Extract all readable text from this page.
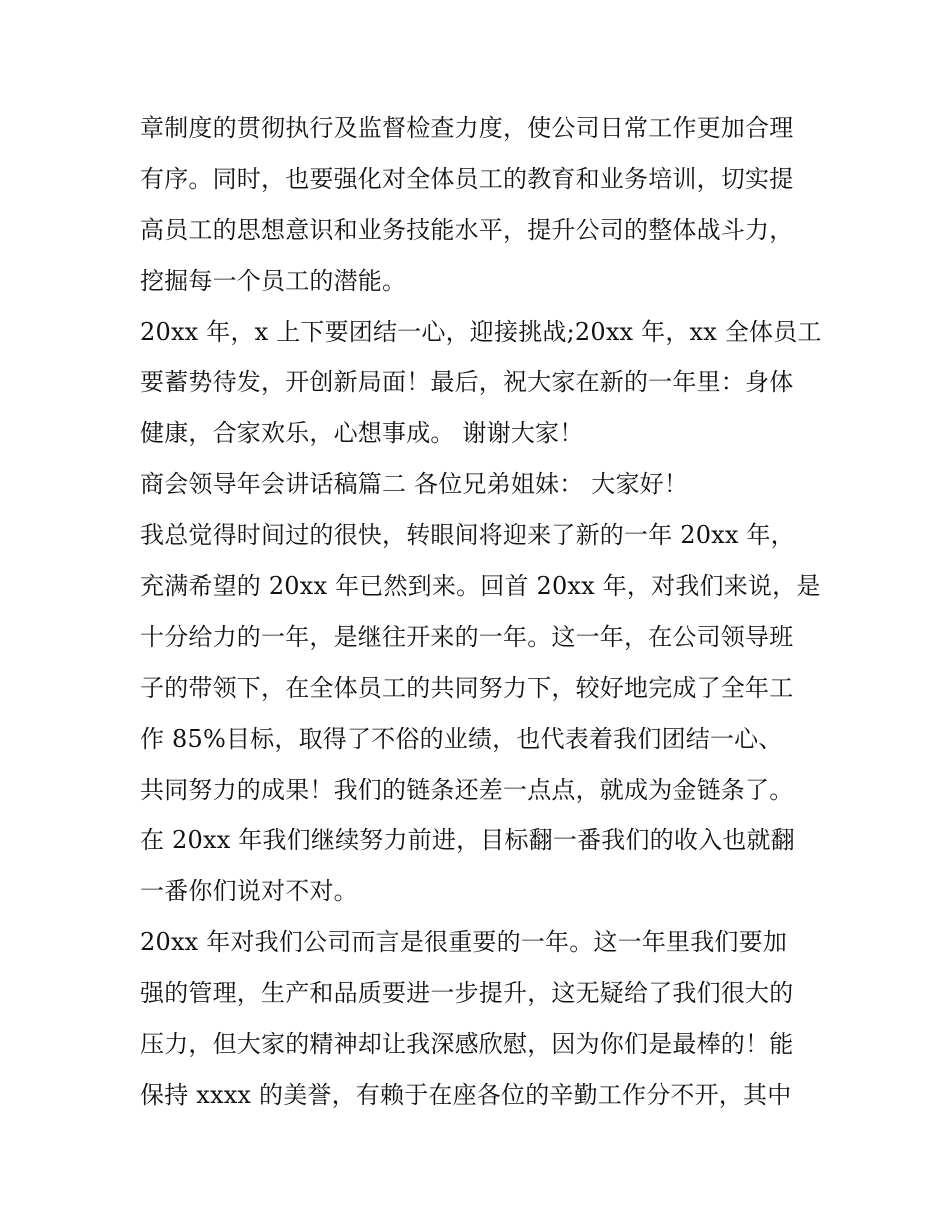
章制度的贯彻执行及监督检查力度，使公司日常工作更加合理
有序。同时，也要强化对全体员工的教育和业务培训，切实提
高员工的思想意识和业务技能水平，提升公司的整体战斗力，
挖掘每一个员工的潜能。
20xx 年，x 上下要团结一心，迎接挑战;20xx 年，xx 全体员工
要蓄势待发，开创新局面！最后，祝大家在新的一年里：身体
健康，合家欢乐，心想事成。 谢谢大家！
商会领导年会讲话稿篇二 各位兄弟姐妹： 大家好！
我总觉得时间过的很快，转眼间将迎来了新的一年 20xx 年，
充满希望的 20xx 年已然到来。回首 20xx 年，对我们来说，是
十分给力的一年，是继往开来的一年。这一年，在公司领导班
子的带领下，在全体员工的共同努力下，较好地完成了全年工
作 85%目标，取得了不俗的业绩，也代表着我们团结一心、
共同努力的成果！我们的链条还差一点点，就成为金链条了。
在 20xx 年我们继续努力前进，目标翻一番我们的收入也就翻
一番你们说对不对。
20xx 年对我们公司而言是很重要的一年。这一年里我们要加
强的管理，生产和品质要进一步提升，这无疑给了我们很大的
压力，但大家的精神却让我深感欣慰，因为你们是最棒的！能
保持 xxxx 的美誉，有赖于在座各位的辛勤工作分不开，其中
